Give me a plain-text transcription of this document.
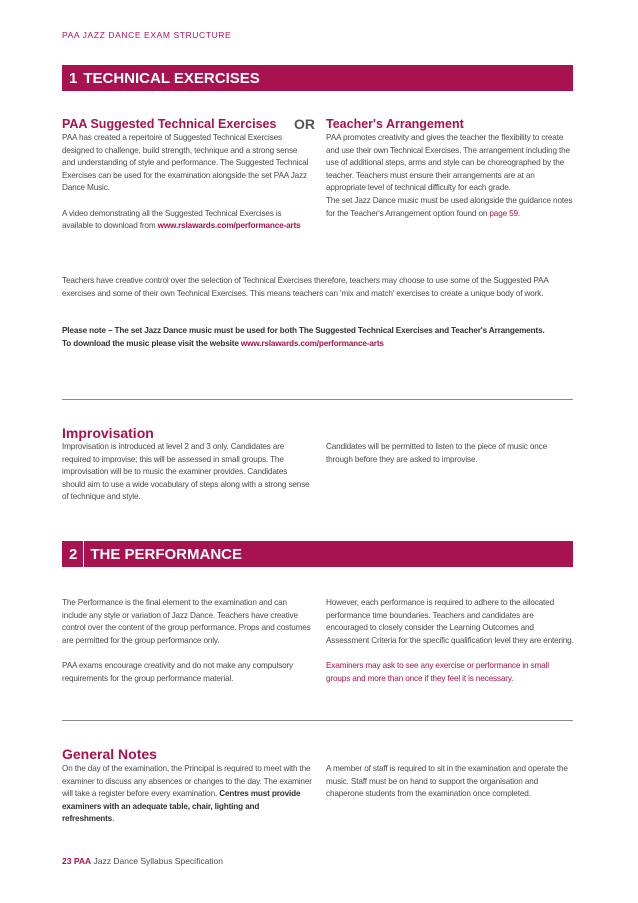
PAA JAZZ DANCE EXAM STRUCTURE
1 TECHNICAL EXERCISES
PAA Suggested Technical Exercises OR Teacher's Arrangement

PAA has created a repertoire of Suggested Technical Exercises designed to challenge, build strength, technique and a strong sense and understanding of style and performance. The Suggested Technical Exercises can be used for the examination alongside the set PAA Jazz Dance Music.

A video demonstrating all the Suggested Technical Exercises is available to download from www.rslawards.com/performance-arts

PAA promotes creativity and gives the teacher the flexibility to create and use their own Technical Exercises. The arrangement including the use of additional steps, arms and style can be choreographed by the teacher. Teachers must ensure their arrangements are at an appropriate level of technical difficulty for each grade.

The set Jazz Dance music must be used alongside the guidance notes for the Teacher's Arrangement option found on page 59.

Teachers have creative control over the selection of Technical Exercises therefore, teachers may choose to use some of the Suggested PAA exercises and some of their own Technical Exercises. This means teachers can 'mix and match' exercises to create a unique body of work.
Please note – The set Jazz Dance music must be used for both The Suggested Technical Exercises and Teacher's Arrangements.
To download the music please visit the website www.rslawards.com/performance-arts
Improvisation
Improvisation is introduced at level 2 and 3 only. Candidates are required to improvise; this will be assessed in small groups. The improvisation will be to music the examiner provides. Candidates should aim to use a wide vocabulary of steps along with a strong sense of technique and style.
Candidates will be permitted to listen to the piece of music once through before they are asked to improvise.
2 THE PERFORMANCE

The Performance is the final element to the examination and can include any style or variation of Jazz Dance. Teachers have creative control over the content of the group performance. Props and costumes are permitted for the group performance only.

PAA exams encourage creativity and do not make any compulsory requirements for the group performance material.

However, each performance is required to adhere to the allocated performance time boundaries. Teachers and candidates are encouraged to closely consider the Learning Outcomes and Assessment Criteria for the specific qualification level they are entering.

Examiners may ask to see any exercise or performance in small groups and more than once if they feel it is necessary.

General Notes
On the day of the examination, the Principal is required to meet with the examiner to discuss any absences or changes to the day. The examiner will take a register before every examination. Centres must provide examiners with an adequate table, chair, lighting and refreshments.
A member of staff is required to sit in the examination and operate the music. Staff must be on hand to support the organisation and chaperone students from the examination once completed.
23 PAA Jazz Dance Syllabus Specification
